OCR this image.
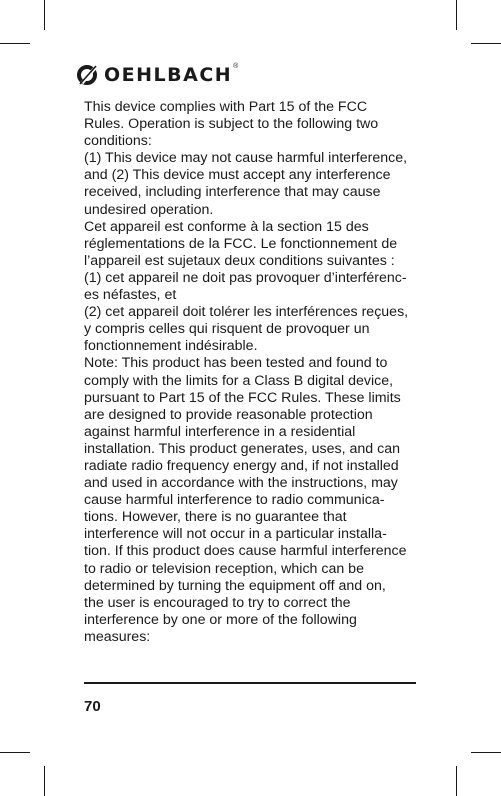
OEHLBACH ®

This device complies with Part 15 of the FCC
Rules. Operation is subject to the following two
conditions:

(1) This device may not cause harmful interference,
and (2) This device must accept any interference
received, including interference that may cause
undesired operation.

Cet appareil est conforme à la section 15 des
réglementations de la FCC. Le fonctionnement de
l’appareil est sujetaux deux conditions suivantes :

(1) cet appareil ne doit pas provoquer d’interférenc-
es néfastes, et

(2) cet appareil doit tolérer les interférences reçues,
y compris celles qui risquent de provoquer un
fonctionnement indésirable.

Note: This product has been tested and found to
comply with the limits for a Class B digital device,
pursuant to Part 15 of the FCC Rules. These limits
are designed to provide reasonable protection
against harmful interference in a residential
installation. This product generates, uses, and can
radiate radio frequency energy and, if not installed
and used in accordance with the instructions, may
cause harmful interference to radio communica-
tions. However, there is no guarantee that
interference will not occur in a particular installa-
tion. If this product does cause harmful interference
to radio or television reception, which can be
determined by turning the equipment off and on,
the user is encouraged to try to correct the
interference by one or more of the following
measures:

70
